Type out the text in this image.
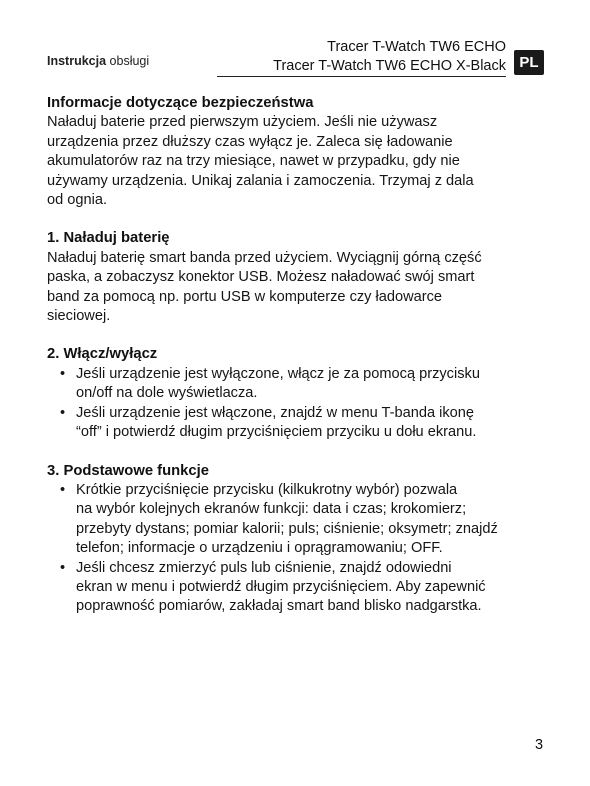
Instrukcja obsługi
Tracer T-Watch TW6 ECHO
Tracer T-Watch TW6 ECHO X-Black PL
Informacje dotyczące bezpieczeństwa

Naładuj baterie przed pierwszym użyciem. Jeśli nie używasz
urządzenia przez dłuższy czas wyłącz je. Zaleca się ładowanie
akumulatorów raz na trzy miesiące, nawet w przypadku, gdy nie
używamy urządzenia. Unikaj zalania i zamoczenia. Trzymaj z dala
od ognia.

1. Naładuj baterię

Naładuj baterię smart banda przed użyciem. Wyciągnij górną część
paska, a zobaczysz konektor USB. Możesz naładować swój smart
band za pomocą np. portu USB w komputerze czy ładowarce
sieciowej.

2. Włącz/wyłącz
• Jeśli urządzenie jest wyłączone, włącz je za pomocą przycisku
on/off na dole wyświetlacza.
• Jeśli urządzenie jest włączone, znajdź w menu T-banda ikonę
“off” i potwierdź długim przyciśnięciem przyciku u dołu ekranu.
3. Podstawowe funkcje
• Krótkie przyciśnięcie przycisku (kilkukrotny wybór) pozwala
na wybór kolejnych ekranów funkcji: data i czas; krokomierz;
przebyty dystans; pomiar kalorii; puls; ciśnienie; oksymetr; znajdź
telefon; informacje o urządzeniu i oprągramowaniu; OFF.
• Jeśli chcesz zmierzyć puls lub ciśnienie, znajdź odowiedni
ekran w menu i potwierdź długim przyciśnięciem. Aby zapewnić
poprawność pomiarów, zakładaj smart band blisko nadgarstka.
3
